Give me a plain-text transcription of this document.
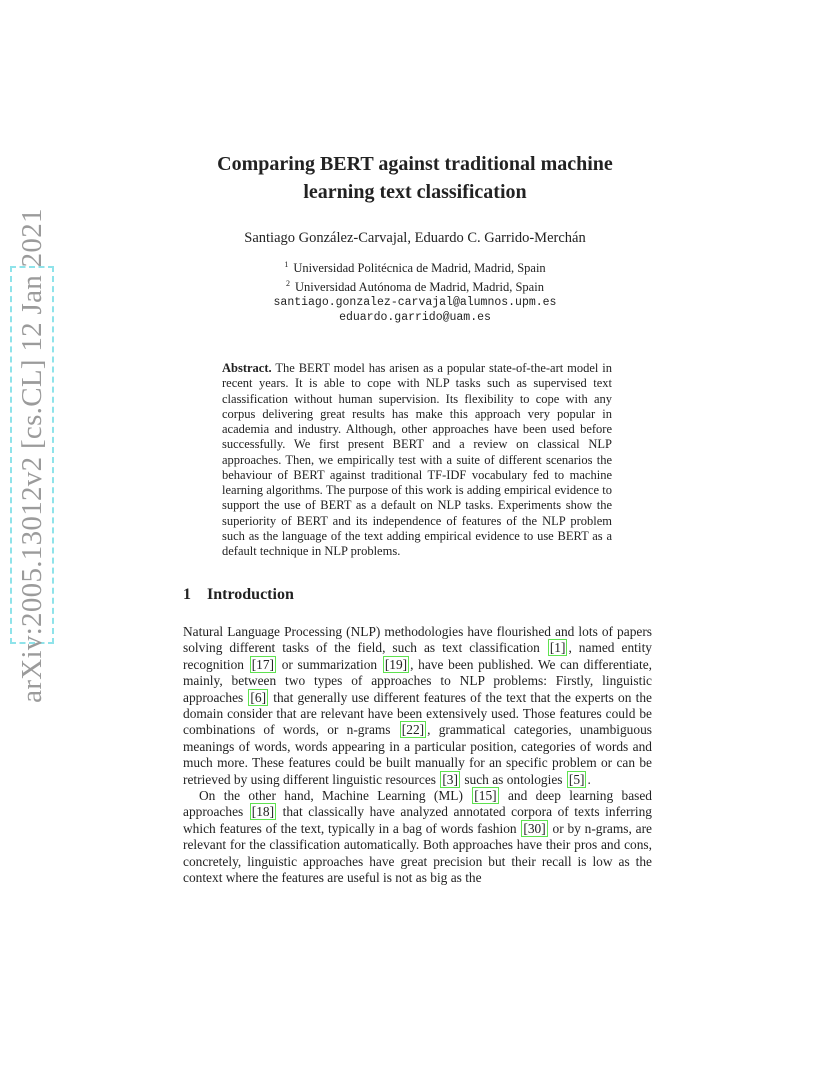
arXiv:2005.13012v2 [cs.CL] 12 Jan 2021
Comparing BERT against traditional machine
learning text classification
Santiago González-Carvajal, Eduardo C. Garrido-Merchán
$^1$ Universidad Politécnica de Madrid, Madrid, Spain
$^2$ Universidad Autónoma de Madrid, Madrid, Spain
santiago.gonzalez-carvajal@alumnos.upm.es
eduardo.garrido@uam.es
Abstract. The BERT model has arisen as a popular state-of-the-art model in recent years. It is able to cope with NLP tasks such as supervised text classification without human supervision. Its flexibility to cope with any corpus delivering great results has make this approach very popular in academia and industry. Although, other approaches have been used before successfully. We first present BERT and a review on classical NLP approaches. Then, we empirically test with a suite of different scenarios the behaviour of BERT against traditional TF-IDF vocabulary fed to machine learning algorithms. The purpose of this work is adding empirical evidence to support the use of BERT as a default on NLP tasks. Experiments show the superiority of BERT and its independence of features of the NLP problem such as the language of the text adding empirical evidence to use BERT as a default technique in NLP problems.
1 Introduction

Natural Language Processing (NLP) methodologies have flourished and lots of papers solving different tasks of the field, such as text classification [1] , named entity recognition [17] or summarization [19] , have been published. We can differentiate, mainly, between two types of approaches to NLP problems: Firstly, linguistic approaches [6] that generally use different features of the text that the experts on the domain consider that are relevant have been extensively used. Those features could be combinations of words, or n-grams [22] , grammatical categories, unambiguous meanings of words, words appearing in a particular position, categories of words and much more. These features could be built manually for an specific problem or can be retrieved by using different linguistic resources [3] such as ontologies [5] .

On the other hand, Machine Learning (ML) [15] and deep learning based approaches [18] that classically have analyzed annotated corpora of texts inferring which features of the text, typically in a bag of words fashion [30] or by n-grams, are relevant for the classification automatically. Both approaches have their pros and cons, concretely, linguistic approaches have great precision but their recall is low as the context where the features are useful is not as big as the
